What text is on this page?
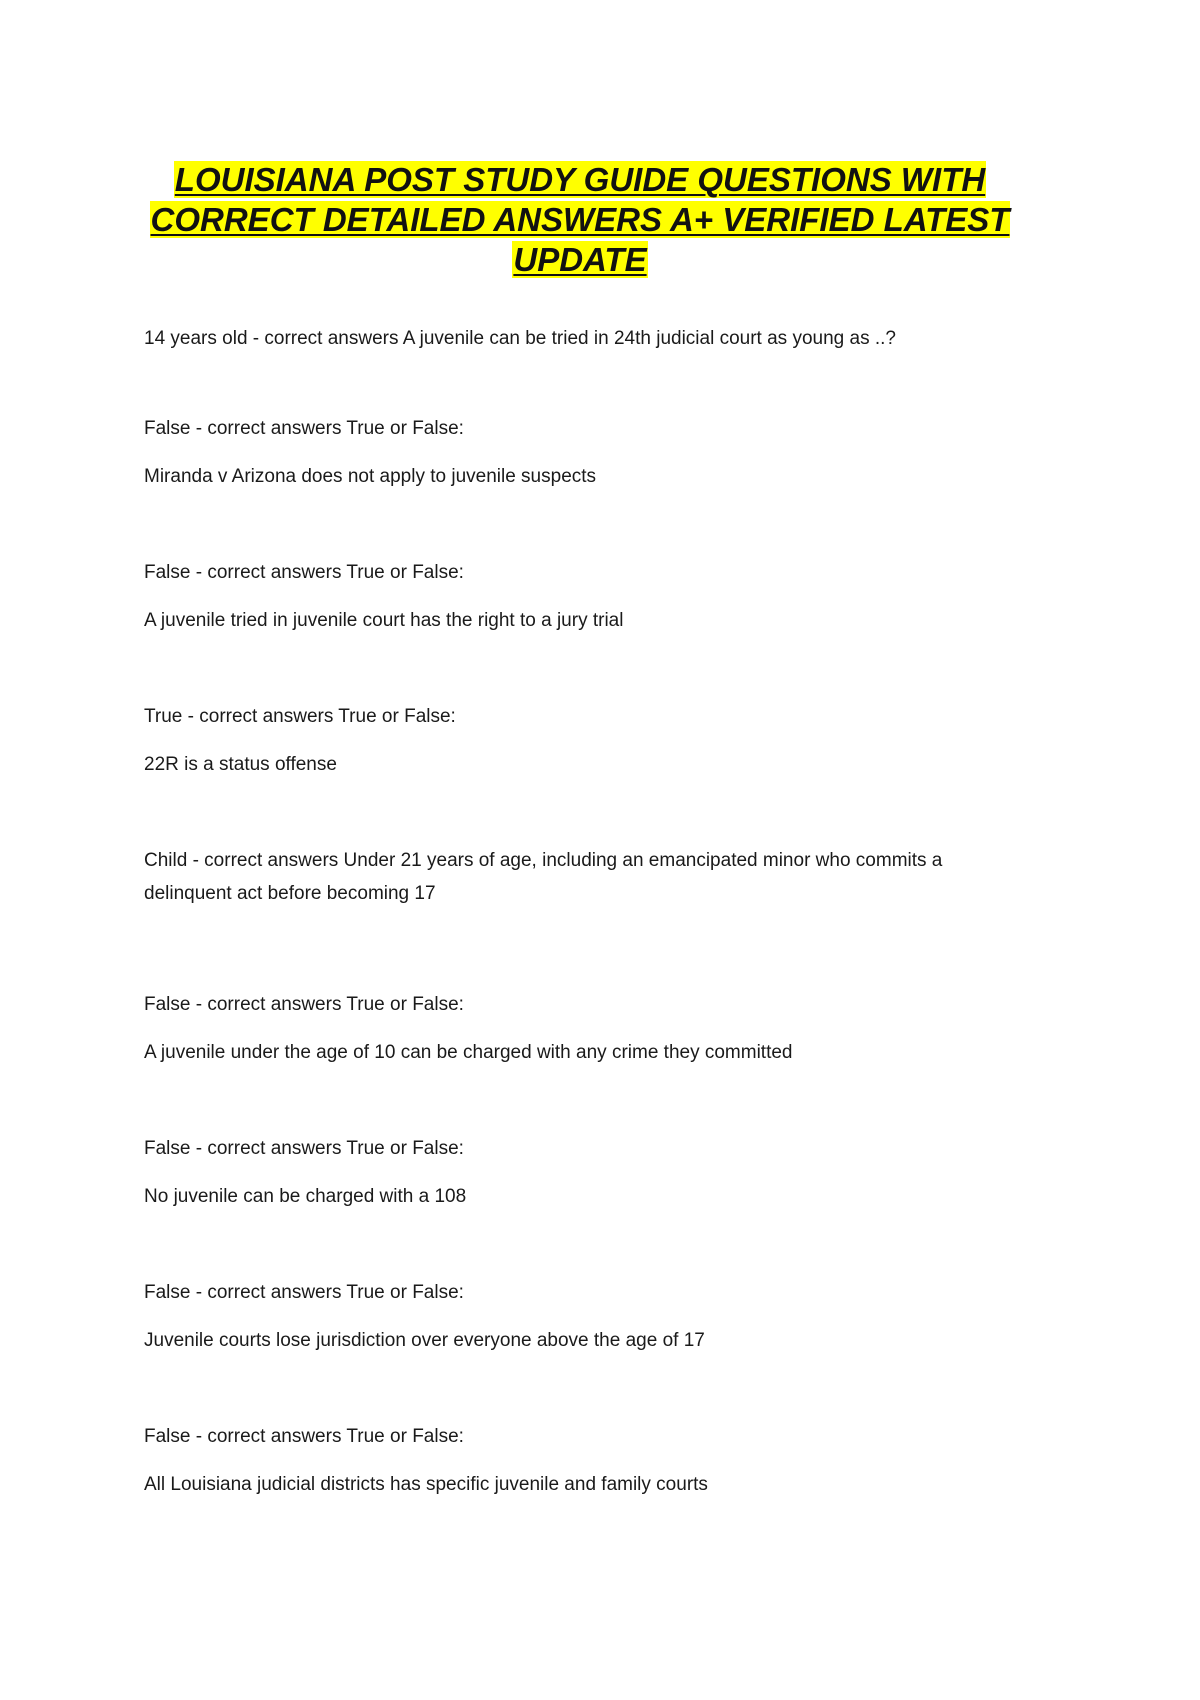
LOUISIANA POST STUDY GUIDE QUESTIONS WITH
CORRECT DETAILED ANSWERS A+ VERIFIED LATEST
UPDATE
14 years old - correct answers A juvenile can be tried in 24th judicial court as young as ..?
False - correct answers True or False:
Miranda v Arizona does not apply to juvenile suspects
False - correct answers True or False:
A juvenile tried in juvenile court has the right to a jury trial
True - correct answers True or False:
22R is a status offense
Child - correct answers Under 21 years of age, including an emancipated minor who commits a delinquent act before becoming 17
False - correct answers True or False:
A juvenile under the age of 10 can be charged with any crime they committed
False - correct answers True or False:
No juvenile can be charged with a 108
False - correct answers True or False:
Juvenile courts lose jurisdiction over everyone above the age of 17
False - correct answers True or False:
All Louisiana judicial districts has specific juvenile and family courts
